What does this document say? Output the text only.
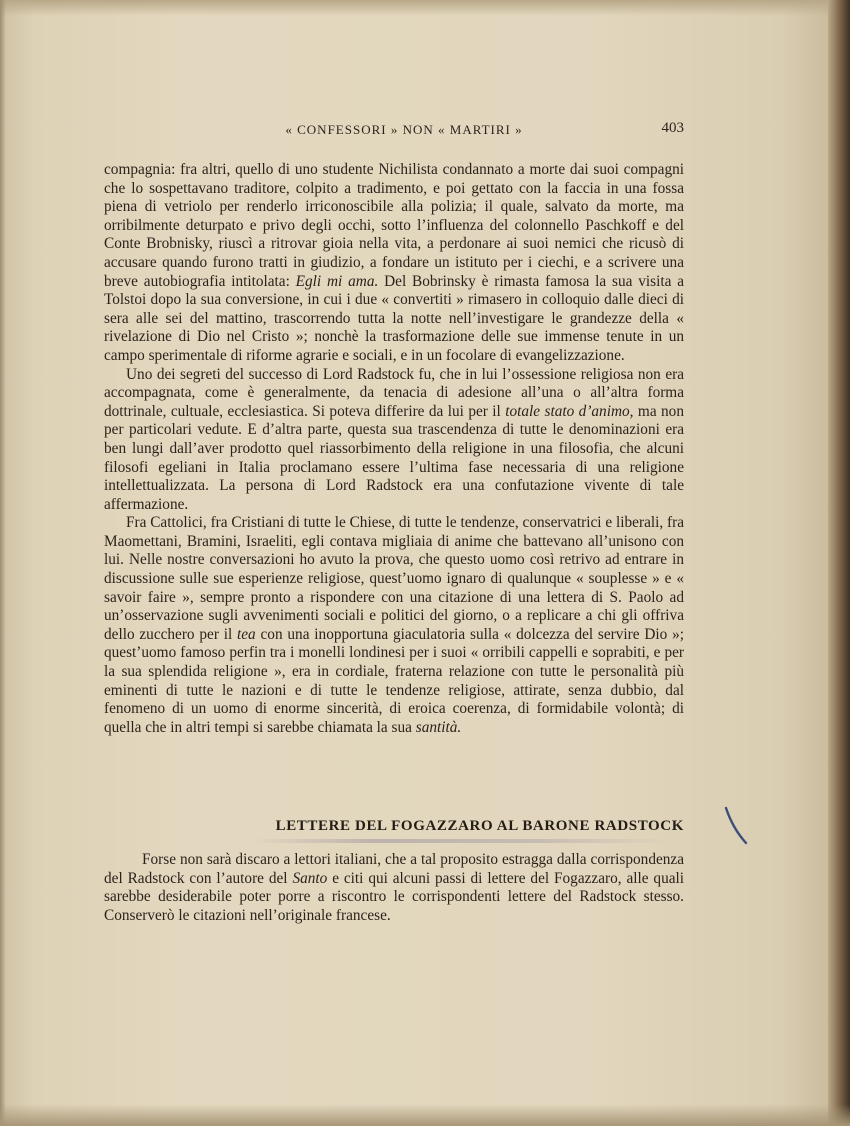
« CONFESSORI » NON « MARTIRI »	403

compagnia: fra altri, quello di uno studente Nichilista condannato a morte dai suoi compagni che lo sospettavano traditore, colpito a tradimento, e poi gettato con la faccia in una fossa piena di vetriolo per renderlo irriconoscibile alla polizia; il quale, salvato da morte, ma orribilmente deturpato e privo degli occhi, sotto l’influenza del colonnello Paschkoff e del Conte Brobnisky, riuscì a ritrovar gioia nella vita, a perdonare ai suoi nemici che ricusò di accusare quando furono tratti in giudizio, a fondare un istituto per i ciechi, e a scrivere una breve autobiografia intitolata: Egli mi ama. Del Bobrinsky è rimasta famosa la sua visita a Tolstoi dopo la sua conversione, in cui i due « convertiti » rimasero in colloquio dalle dieci di sera alle sei del mattino, trascorrendo tutta la notte nell’investigare le grandezze della « rivelazione di Dio nel Cristo »; nonchè la trasformazione delle sue immense tenute in un campo sperimentale di riforme agrarie e sociali, e in un focolare di evangelizzazione.

Uno dei segreti del successo di Lord Radstock fu, che in lui l’ossessione religiosa non era accompagnata, come è generalmente, da tenacia di adesione all’una o all’altra forma dottrinale, cultuale, ecclesiastica. Si poteva differire da lui per il totale stato d’animo, ma non per particolari vedute. E d’altra parte, questa sua trascendenza di tutte le denominazioni era ben lungi dall’aver prodotto quel riassorbimento della religione in una filosofia, che alcuni filosofi egeliani in Italia proclamano essere l’ultima fase necessaria di una religione intellettualizzata. La persona di Lord Radstock era una confutazione vivente di tale affermazione.

Fra Cattolici, fra Cristiani di tutte le Chiese, di tutte le tendenze, conservatrici e liberali, fra Maomettani, Bramini, Israeliti, egli contava migliaia di anime che battevano all’unisono con lui. Nelle nostre conversazioni ho avuto la prova, che questo uomo così retrivo ad entrare in discussione sulle sue esperienze religiose, quest’uomo ignaro di qualunque « souplesse » e « savoir faire », sempre pronto a rispondere con una citazione di una lettera di S. Paolo ad un’osservazione sugli avvenimenti sociali e politici del giorno, o a replicare a chi gli offriva dello zucchero per il tea con una inopportuna giaculatoria sulla « dolcezza del servire Dio »; quest’uomo famoso perfin tra i monelli londinesi per i suoi « orribili cappelli e soprabiti, e per la sua splendida religione », era in cordiale, fraterna relazione con tutte le personalità più eminenti di tutte le nazioni e di tutte le tendenze religiose, attirate, senza dubbio, dal fenomeno di un uomo di enorme sincerità, di eroica coerenza, di formidabile volontà; di quella che in altri tempi si sarebbe chiamata la sua santità.

LETTERE DEL FOGAZZARO AL BARONE RADSTOCK

Forse non sarà discaro a lettori italiani, che a tal proposito estragga dalla corrispondenza del Radstock con l’autore del Santo e citi qui alcuni passi di lettere del Fogazzaro, alle quali sarebbe desiderabile poter porre a riscontro le corrispondenti lettere del Radstock stesso. Conserverò le citazioni nell’originale francese.
